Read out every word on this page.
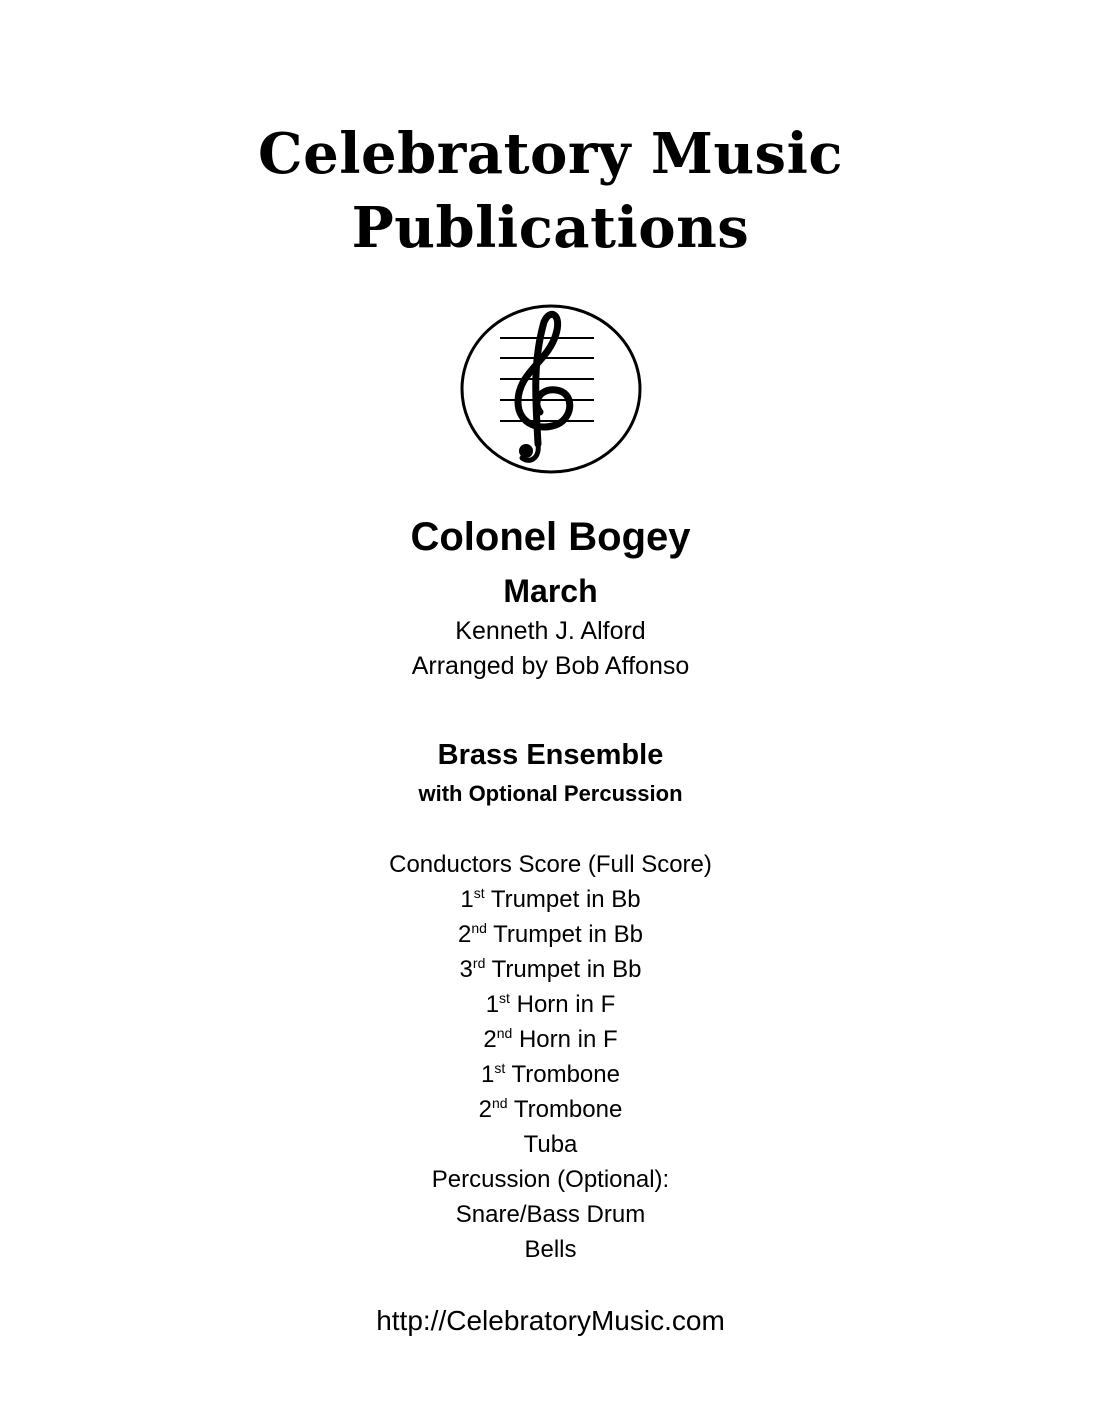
Celebratory Music
Publications
Colonel Bogey
March
Kenneth J. Alford
Arranged by Bob Affonso
Brass Ensemble
with Optional Percussion
Conductors Score (Full Score)
1st Trumpet in Bb
2nd Trumpet in Bb
3rd Trumpet in Bb
1st Horn in F
2nd Horn in F
1st Trombone
2nd Trombone
Tuba
Percussion (Optional):
Snare/Bass Drum
Bells
http://CelebratoryMusic.com
